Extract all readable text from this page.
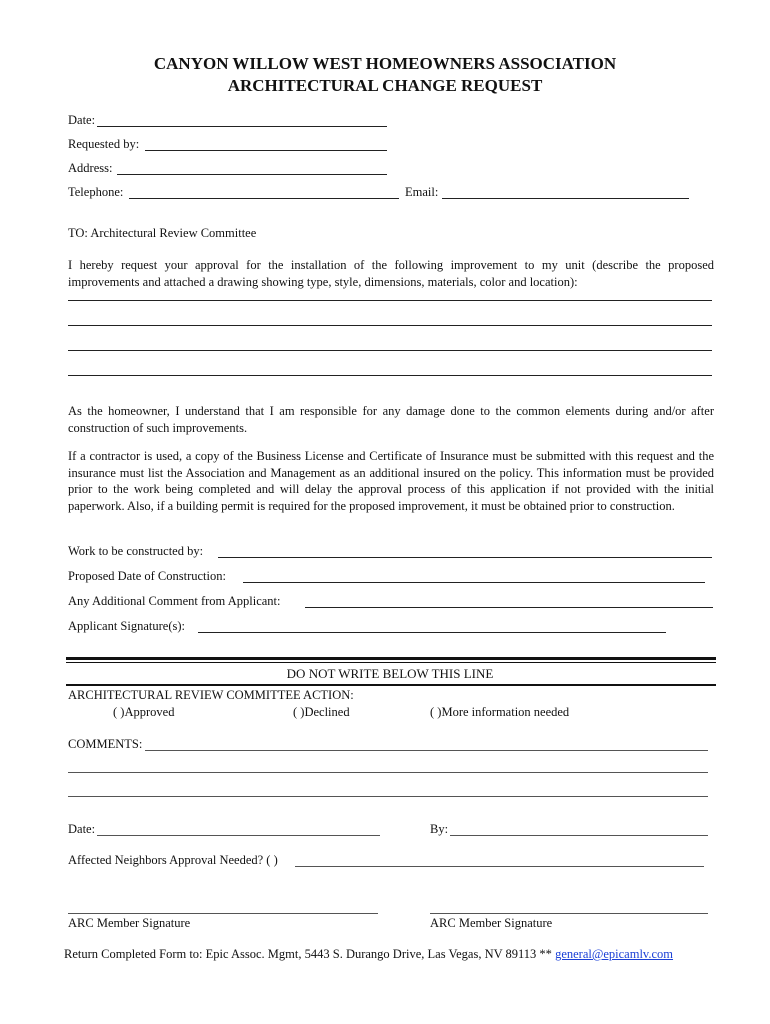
CANYON WILLOW WEST HOMEOWNERS ASSOCIATION
ARCHITECTURAL CHANGE REQUEST
Date:
Requested by:
Address:
Telephone:	Email:
TO: Architectural Review Committee
I hereby request your approval for the installation of the following improvement to my unit (describe the proposed improvements and attached a drawing showing type, style, dimensions, materials, color and location):
As the homeowner, I understand that I am responsible for any damage done to the common elements during and/or after construction of such improvements.
If a contractor is used, a copy of the Business License and Certificate of Insurance must be submitted with this request and the insurance must list the Association and Management as an additional insured on the policy. This information must be provided prior to the work being completed and will delay the approval process of this application if not provided with the initial paperwork. Also, if a building permit is required for the proposed improvement, it must be obtained prior to construction.
Work to be constructed by:
Proposed Date of Construction:
Any Additional Comment from Applicant:
Applicant Signature(s):
DO NOT WRITE BELOW THIS LINE
ARCHITECTURAL REVIEW COMMITTEE ACTION:
( )Approved	( )Declined	( )More information needed
COMMENTS:
Date:	By:
Affected Neighbors Approval Needed? ( )
ARC Member Signature	ARC Member Signature
Return Completed Form to: Epic Assoc. Mgmt, 5443 S. Durango Drive, Las Vegas, NV 89113 ** general@epicamlv.com
